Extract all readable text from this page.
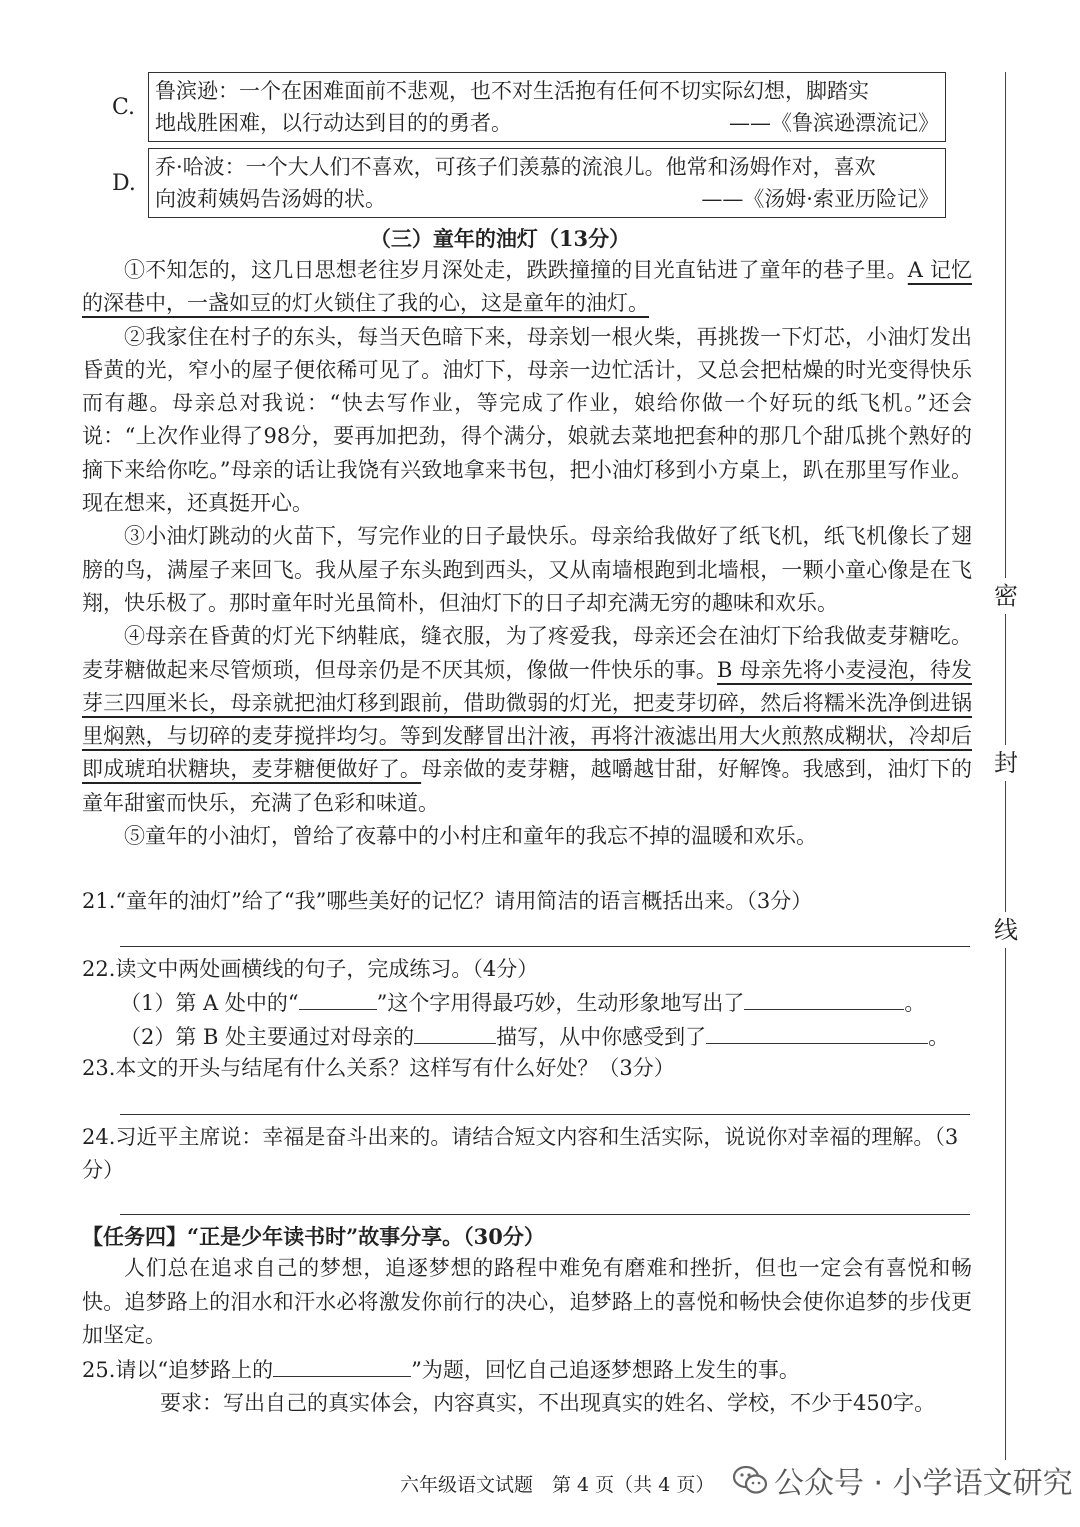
C.
鲁滨逊：一个在困难面前不悲观，也不对生活抱有任何不切实际幻想，脚踏实
地战胜困难，以行动达到目的的勇者。	——《鲁滨逊漂流记》
D.
乔·哈波：一个大人们不喜欢，可孩子们羡慕的流浪儿。他常和汤姆作对，喜欢
向波莉姨妈告汤姆的状。	——《汤姆·索亚历险记》
（三）童年的油灯（13分）

①不知怎的，这几日思想老往岁月深处走，跌跌撞撞的目光直钻进了童年的巷子里。A 记忆的深巷中，一盏如豆的灯火锁住了我的心，这是童年的油灯。

②我家住在村子的东头，每当天色暗下来，母亲划一根火柴，再挑拨一下灯芯，小油灯发出昏黄的光，窄小的屋子便依稀可见了。油灯下，母亲一边忙活计，又总会把枯燥的时光变得快乐而有趣。母亲总对我说：“快去写作业，等完成了作业，娘给你做一个好玩的纸飞机。”还会说：“上次作业得了98分，要再加把劲，得个满分，娘就去菜地把套种的那几个甜瓜挑个熟好的摘下来给你吃。”母亲的话让我饶有兴致地拿来书包，把小油灯移到小方桌上，趴在那里写作业。现在想来，还真挺开心。

③小油灯跳动的火苗下，写完作业的日子最快乐。母亲给我做好了纸飞机，纸飞机像长了翅膀的鸟，满屋子来回飞。我从屋子东头跑到西头，又从南墙根跑到北墙根，一颗小童心像是在飞翔，快乐极了。那时童年时光虽简朴，但油灯下的日子却充满无穷的趣味和欢乐。

④母亲在昏黄的灯光下纳鞋底，缝衣服，为了疼爱我，母亲还会在油灯下给我做麦芽糖吃。麦芽糖做起来尽管烦琐，但母亲仍是不厌其烦，像做一件快乐的事。B 母亲先将小麦浸泡，待发芽三四厘米长，母亲就把油灯移到跟前，借助微弱的灯光，把麦芽切碎，然后将糯米洗净倒进锅里焖熟，与切碎的麦芽搅拌均匀。等到发酵冒出汁液，再将汁液滤出用大火煎熬成糊状，冷却后即成琥珀状糖块，麦芽糖便做好了。母亲做的麦芽糖，越嚼越甘甜，好解馋。我感到，油灯下的童年甜蜜而快乐，充满了色彩和味道。

⑤童年的小油灯，曾给了夜幕中的小村庄和童年的我忘不掉的温暖和欢乐。

21.“童年的油灯”给了“我”哪些美好的记忆？请用简洁的语言概括出来。（3分）
22.读文中两处画横线的句子，完成练习。（4分）
（1）第 A 处中的“	”这个字用得最巧妙，生动形象地写出了	。
（2）第 B 处主要通过对母亲的	描写，从中你感受到了	。
23.本文的开头与结尾有什么关系？这样写有什么好处？（3分）
24.习近平主席说：幸福是奋斗出来的。请结合短文内容和生活实际，说说你对幸福的理解。（3分）
【任务四】“正是少年读书时”故事分享。（30分）
人们总在追求自己的梦想，追逐梦想的路程中难免有磨难和挫折，但也一定会有喜悦和畅快。追梦路上的泪水和汗水必将激发你前行的决心，追梦路上的喜悦和畅快会使你追梦的步伐更加坚定。
25.请以“追梦路上的	”为题，回忆自己追逐梦想路上发生的事。
要求：写出自己的真实体会，内容真实，不出现真实的姓名、学校，不少于450字。
密
封
线
六年级语文试题　第 4 页（共 4 页） 公众号 · 小学语文研究
